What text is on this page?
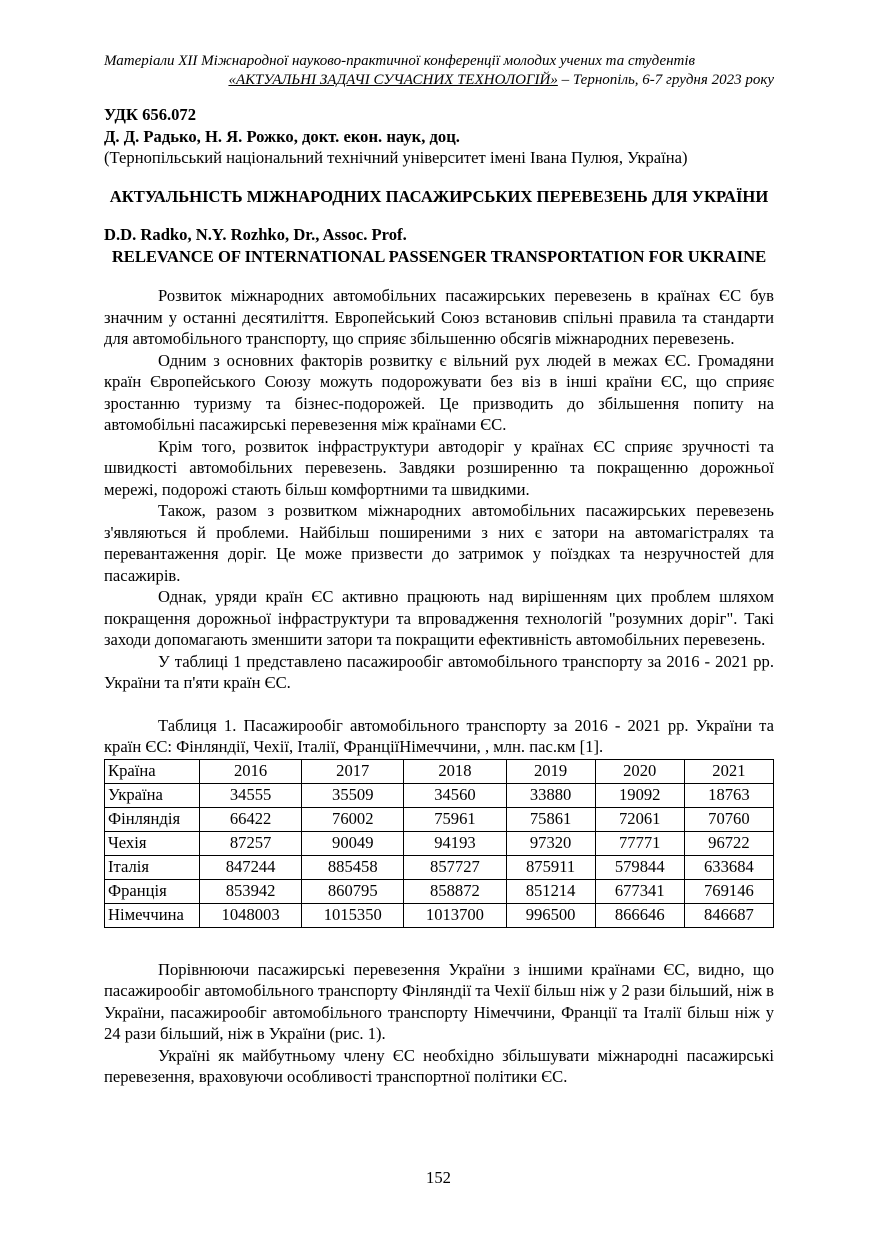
Матеріали XІІ Міжнародної науково-практичної конференції молодих учених та студентів
«АКТУАЛЬНІ ЗАДАЧІ СУЧАСНИХ ТЕХНОЛОГІЙ» – Тернопіль, 6-7 грудня 2023 року
УДК 656.072
Д. Д. Радько, Н. Я. Рожко, докт. екон. наук, доц.
(Тернопільський національний технічний університет імені Івана Пулюя, Україна)
АКТУАЛЬНІСТЬ МІЖНАРОДНИХ ПАСАЖИРСЬКИХ ПЕРЕВЕЗЕНЬ ДЛЯ УКРАЇНИ
D.D. Radko, N.Y. Rozhko, Dr., Assoc. Prof.
RELEVANCE OF INTERNATIONAL PASSENGER TRANSPORTATION FOR UKRAINE

Розвиток міжнародних автомобільних пасажирських перевезень в країнах ЄС був значним у останні десятиліття. Европейський Союз встановив спільні правила та стандарти для автомобільного транспорту, що сприяє збільшенню обсягів міжнародних перевезень.

Одним з основних факторів розвитку є вільний рух людей в межах ЄС. Громадяни країн Європейського Союзу можуть подорожувати без віз в інші країни ЄС, що сприяє зростанню туризму та бізнес-подорожей. Це призводить до збільшення попиту на автомобільні пасажирські перевезення між країнами ЄС.

Крім того, розвиток інфраструктури автодоріг у країнах ЄС сприяє зручності та швидкості автомобільних перевезень. Завдяки розширенню та покращенню дорожньої мережі, подорожі стають більш комфортними та швидкими.

Також, разом з розвитком міжнародних автомобільних пасажирських перевезень з'являються й проблеми. Найбільш поширеними з них є затори на автомагістралях та перевантаження доріг. Це може призвести до затримок у поїздках та незручностей для пасажирів.

Однак, уряди країн ЄС активно працюють над вирішенням цих проблем шляхом покращення дорожньої інфраструктури та впровадження технологій "розумних доріг". Такі заходи допомагають зменшити затори та покращити ефективність автомобільних перевезень.

У таблиці 1 представлено пасажирообіг автомобільного транспорту за 2016 - 2021 рр. України та п'яти країн ЄС.

Таблиця 1. Пасажирообіг автомобільного транспорту за 2016 - 2021 рр. України та країн ЄС: Фінляндії, Чехії, Італії, ФранціїНімеччини, , млн. пас.км [1].
Країна	2016	2017	2018	2019	2020	2021
Україна	34555	35509	34560	33880	19092	18763
Фінляндія	66422	76002	75961	75861	72061	70760
Чехія	87257	90049	94193	97320	77771	96722
Італія	847244	885458	857727	875911	579844	633684
Франція	853942	860795	858872	851214	677341	769146
Німеччина	1048003	1015350	1013700	996500	866646	846687

Порівнюючи пасажирські перевезення України з іншими країнами ЄС, видно, що пасажирообіг автомобільного транспорту Фінляндії та Чехії більш ніж у 2 рази більший, ніж в України, пасажирообіг автомобільного транспорту Німеччини, Франції та Італії більш ніж у 24 рази більший, ніж в України (рис. 1).

Україні як майбутньому члену ЄС необхідно збільшувати міжнародні пасажирські перевезення, враховуючи особливості транспортної політики ЄС.

152
